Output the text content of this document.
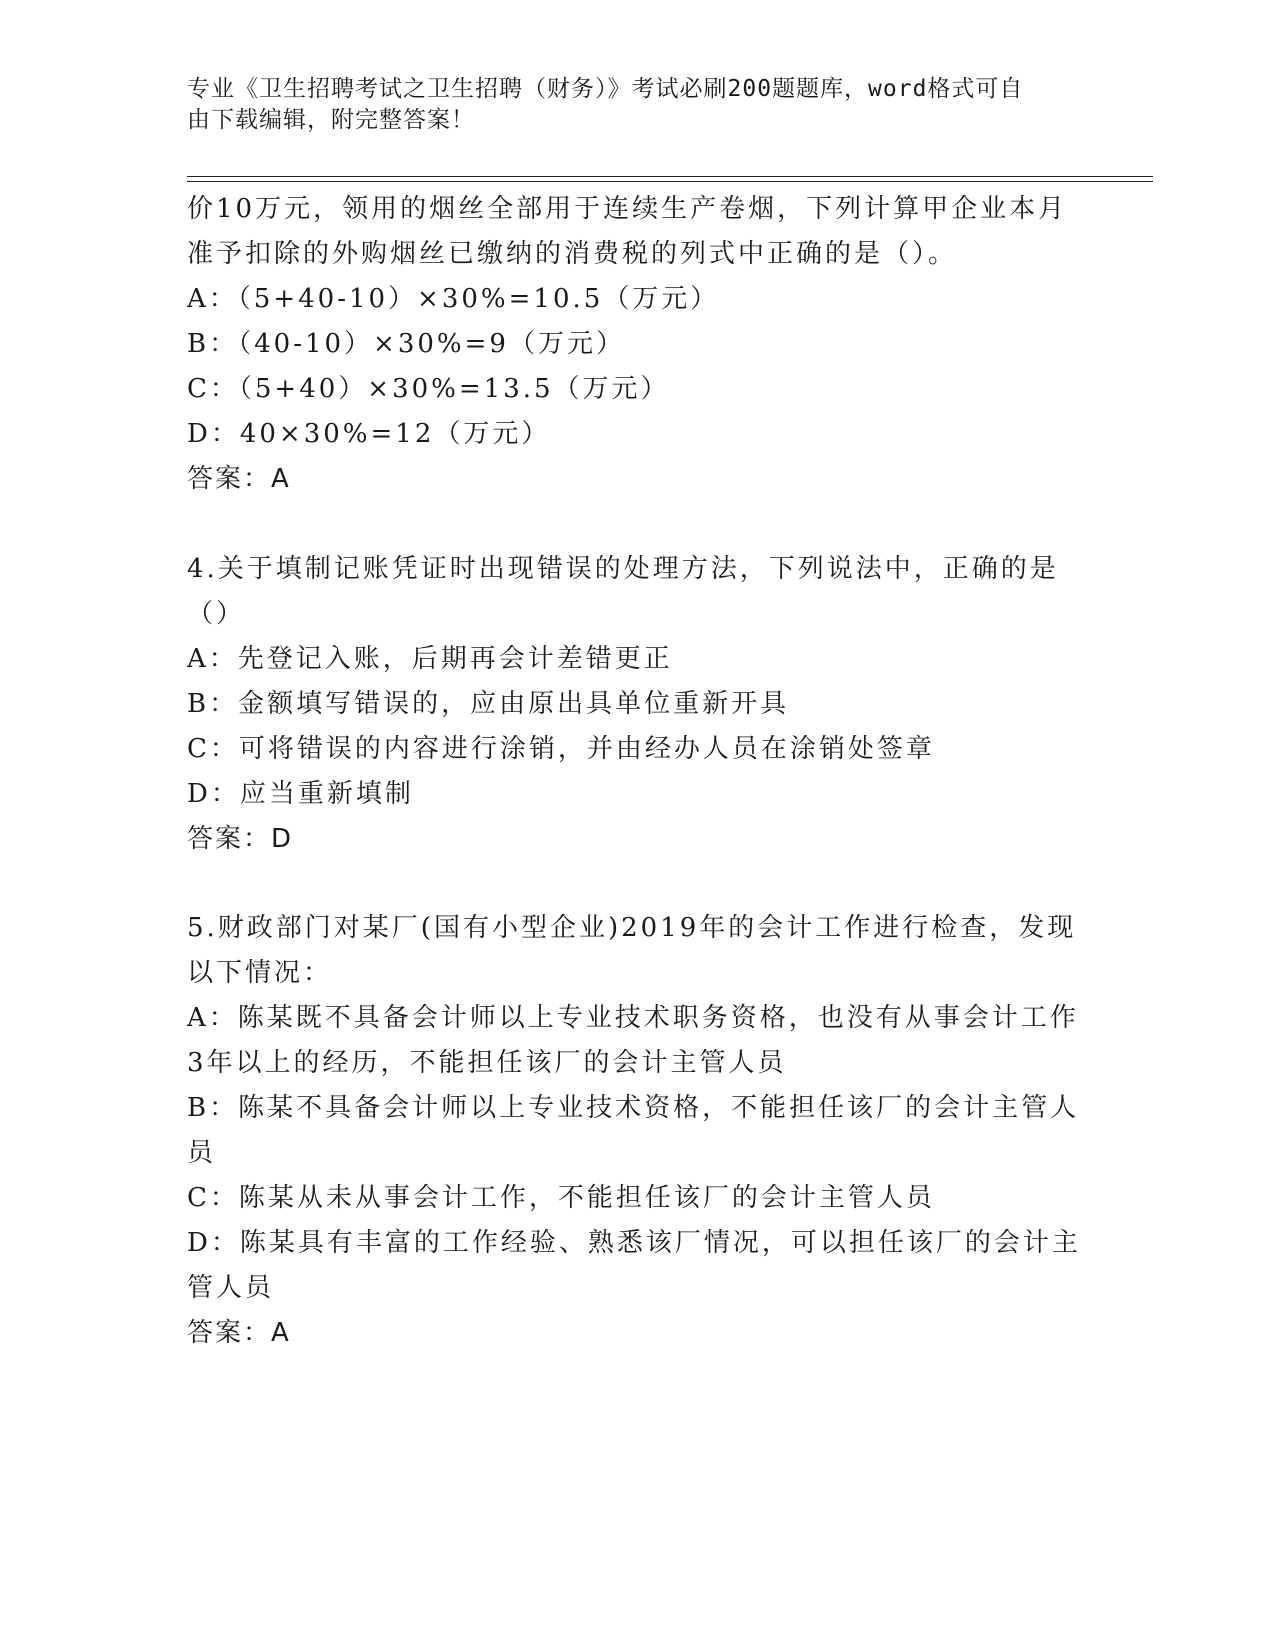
专业《卫生招聘考试之卫生招聘（财务）》考试必刷200题题库，word格式可自
由下载编辑，附完整答案！
价10万元，领用的烟丝全部用于连续生产卷烟，下列计算甲企业本月
准予扣除的外购烟丝已缴纳的消费税的列式中正确的是（）。
A：（5+40-10）×30%=10.5（万元）
B：（40-10）×30%=9（万元）
C：（5+40）×30%=13.5（万元）
D：40×30%=12（万元）
答案：A
4.关于填制记账凭证时出现错误的处理方法，下列说法中，正确的是
（）
A：先登记入账，后期再会计差错更正
B：金额填写错误的，应由原出具单位重新开具
C：可将错误的内容进行涂销，并由经办人员在涂销处签章
D：应当重新填制
答案：D
5.财政部门对某厂(国有小型企业)2019年的会计工作进行检查，发现
以下情况：
A：陈某既不具备会计师以上专业技术职务资格，也没有从事会计工作
3年以上的经历，不能担任该厂的会计主管人员
B：陈某不具备会计师以上专业技术资格，不能担任该厂的会计主管人
员
C：陈某从未从事会计工作，不能担任该厂的会计主管人员
D：陈某具有丰富的工作经验、熟悉该厂情况，可以担任该厂的会计主
管人员
答案：A
